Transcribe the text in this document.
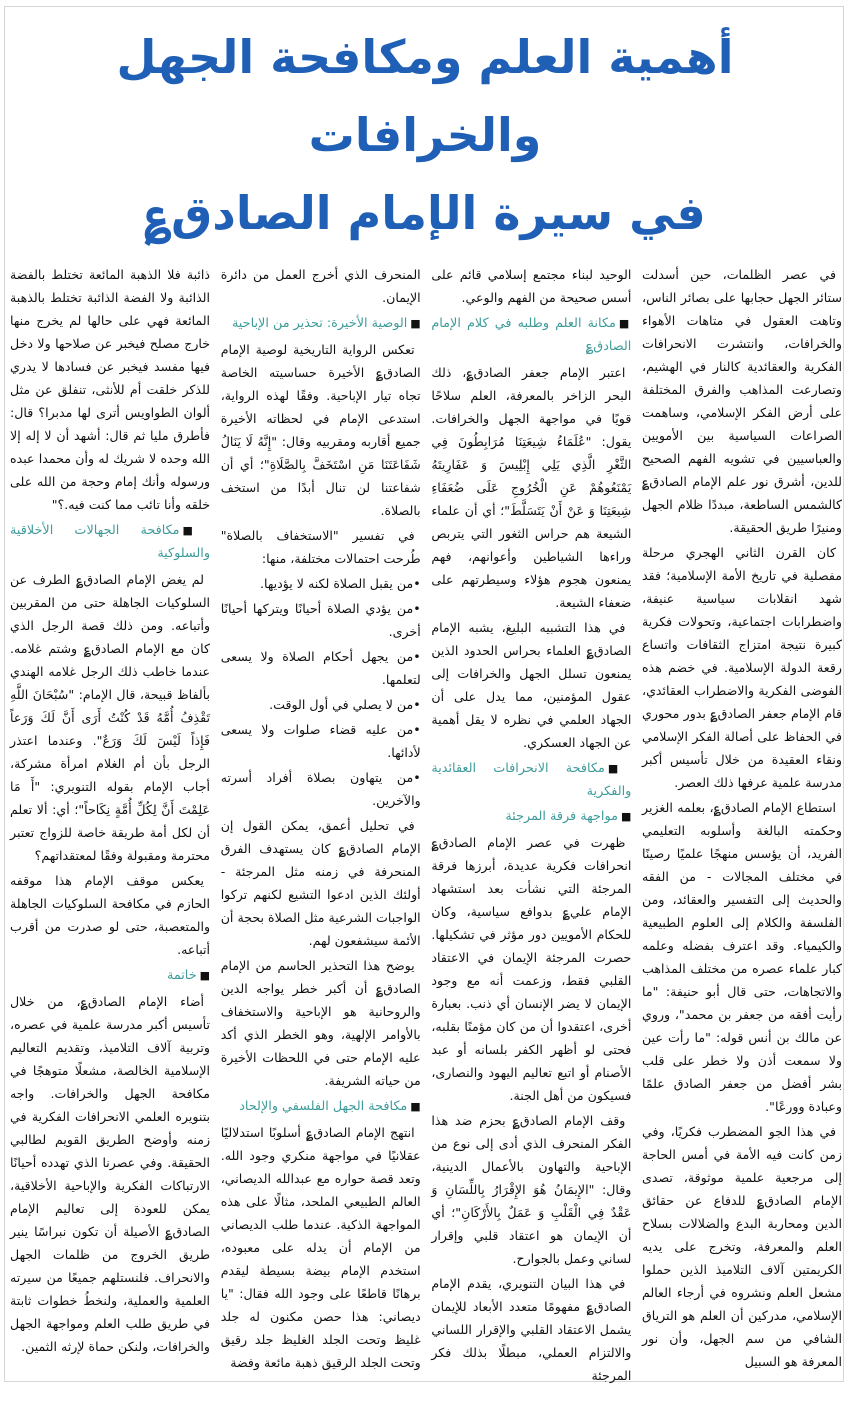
أهمية العلم ومكافحة الجهل والخرافات
في سيرة الإمام الصادق؏

في عصر الظلمات، حين أسدلت ستائر الجهل حجابها على بصائر الناس، وتاهت العقول في متاهات الأهواء والخرافات، وانتشرت الانحرافات الفكرية والعقائدية كالنار في الهشيم، وتصارعت المذاهب والفرق المختلفة على أرض الفكر الإسلامي، وساهمت الصراعات السياسية بين الأمويين والعباسيين في تشويه الفهم الصحيح للدين، أشرق نور علم الإمام الصادق؏ كالشمس الساطعة، مبددًا ظلام الجهل ومنيرًا طريق الحقيقة.

كان القرن الثاني الهجري مرحلة مفصلية في تاريخ الأمة الإسلامية؛ فقد شهد انقلابات سياسية عنيفة، واضطرابات اجتماعية، وتحولات فكرية كبيرة نتيجة امتزاج الثقافات واتساع رقعة الدولة الإسلامية. في خضم هذه الفوضى الفكرية والاضطراب العقائدي، قام الإمام جعفر الصادق؏ بدور محوري في الحفاظ على أصالة الفكر الإسلامي ونقاء العقيدة من خلال تأسيس أكبر مدرسة علمية عرفها ذلك العصر.

استطاع الإمام الصادق؏، بعلمه الغزير وحكمته البالغة وأسلوبه التعليمي الفريد، أن يؤسس منهجًا علميًا رصينًا في مختلف المجالات - من الفقه والحديث إلى التفسير والعقائد، ومن الفلسفة والكلام إلى العلوم الطبيعية والكيمياء. وقد اعترف بفضله وعلمه كبار علماء عصره من مختلف المذاهب والاتجاهات، حتى قال أبو حنيفة: "ما رأيت أفقه من جعفر بن محمد"، وروي عن مالك بن أنس قوله: "ما رأت عين ولا سمعت أذن ولا خطر على قلب بشر أفضل من جعفر الصادق علمًا وعبادة وورعًا".

في هذا الجو المضطرب فكريًا، وفي زمن كانت فيه الأمة في أمس الحاجة إلى مرجعية علمية موثوقة، تصدى الإمام الصادق؏ للدفاع عن حقائق الدين ومحاربة البدع والضلالات بسلاح العلم والمعرفة، وتخرج على يديه الكريمتين آلاف التلاميذ الذين حملوا مشعل العلم ونشروه في أرجاء العالم الإسلامي، مدركين أن العلم هو الترياق الشافي من سم الجهل، وأن نور المعرفة هو السبيل

الوحيد لبناء مجتمع إسلامي قائم على أسس صحيحة من الفهم والوعي.

■مكانة العلم وطلبه في كلام الإمام الصادق؏

اعتبر الإمام جعفر الصادق؏، ذلك البحر الزاخر بالمعرفة، العلم سلاحًا قويًا في مواجهة الجهل والخرافات. يقول: "عُلَمَاءُ شِيعَتِنَا مُرَابِطُونَ فِي الثَّغْرِ الَّذِي يَلِي إِبْلِيسَ وَ عَفَارِيتَهُ يَمْنَعُوهُمْ عَنِ الْخُرُوجِ عَلَى ضُعَفَاءِ شِيعَتِنَا وَ عَنْ أَنْ يَتَسَلَّطَ"؛ أي أن علماء الشيعة هم حراس الثغور التي يتربص وراءها الشياطين وأعوانهم، فهم يمنعون هجوم هؤلاء وسيطرتهم على ضعفاء الشيعة.

في هذا التشبيه البليغ، يشبه الإمام الصادق؏ العلماء بحراس الحدود الذين يمنعون تسلل الجهل والخرافات إلى عقول المؤمنين، مما يدل على أن الجهاد العلمي في نظره لا يقل أهمية عن الجهاد العسكري.

■مكافحة الانحرافات العقائدية والفكرية
■مواجهة فرقة المرجئة

ظهرت في عصر الإمام الصادق؏ انحرافات فكرية عديدة، أبرزها فرقة المرجئة التي نشأت بعد استشهاد الإمام علي؏ بدوافع سياسية، وكان للحكام الأمويين دور مؤثر في تشكيلها. حصرت المرجئة الإيمان في الاعتقاد القلبي فقط، وزعمت أنه مع وجود الإيمان لا يضر الإنسان أي ذنب. بعبارة أخرى، اعتقدوا أن من كان مؤمنًا بقلبه، فحتى لو أظهر الكفر بلسانه أو عبد الأصنام أو اتبع تعاليم اليهود والنصارى، فسيكون من أهل الجنة.

وقف الإمام الصادق؏ بحزم ضد هذا الفكر المنحرف الذي أدى إلى نوع من الإباحية والتهاون بالأعمال الدينية، وقال: "الإِيمَانُ هُوَ الإِقْرَارُ بِاللِّسَانِ وَ عَقْدٌ فِي الْقَلْبِ وَ عَمَلٌ بِالأَرْكَانِ"؛ أي أن الإيمان هو اعتقاد قلبي وإقرار لساني وعمل بالجوارح.

في هذا البيان التنويري، يقدم الإمام الصادق؏ مفهومًا متعدد الأبعاد للإيمان يشمل الاعتقاد القلبي والإقرار اللساني والالتزام العملي، مبطلًا بذلك فكر المرجئة

المنحرف الذي أخرج العمل من دائرة الإيمان.

■الوصية الأخيرة: تحذير من الإباحية

تعكس الرواية التاريخية لوصية الإمام الصادق؏ الأخيرة حساسيته الخاصة تجاه تيار الإباحية. وفقًا لهذه الرواية، استدعى الإمام في لحظاته الأخيرة جميع أقاربه ومقربيه وقال: "إِنَّهُ لَا يَنَالُ شَفَاعَتَنَا مَنِ اسْتَخَفَّ بِالصَّلَاةِ"؛ أي أن شفاعتنا لن تنال أبدًا من استخف بالصلاة.

في تفسير "الاستخفاف بالصلاة" طُرحت احتمالات مختلفة، منها:

•من يقبل الصلاة لكنه لا يؤديها.

•من يؤدي الصلاة أحيانًا ويتركها أحيانًا أخرى.

•من يجهل أحكام الصلاة ولا يسعى لتعلمها.

•من لا يصلي في أول الوقت.

•من عليه قضاء صلوات ولا يسعى لأدائها.

•من يتهاون بصلاة أفراد أسرته والآخرين.

في تحليل أعمق، يمكن القول إن الإمام الصادق؏ كان يستهدف الفرق المنحرفة في زمنه مثل المرجئة - أولئك الذين ادعوا التشيع لكنهم تركوا الواجبات الشرعية مثل الصلاة بحجة أن الأئمة سيشفعون لهم.

يوضح هذا التحذير الحاسم من الإمام الصادق؏ أن أكبر خطر يواجه الدين والروحانية هو الإباحية والاستخفاف بالأوامر الإلهية، وهو الخطر الذي أكد عليه الإمام حتى في اللحظات الأخيرة من حياته الشريفة.

■مكافحة الجهل الفلسفي والإلحاد

انتهج الإمام الصادق؏ أسلوبًا استدلاليًا عقلانيًا في مواجهة منكري وجود الله. وتعد قصة حواره مع عبدالله الديصاني، العالم الطبيعي الملحد، مثالًا على هذه المواجهة الذكية. عندما طلب الديصاني من الإمام أن يدله على معبوده، استخدم الإمام بيضة بسيطة ليقدم برهانًا قاطعًا على وجود الله فقال: "يا ديصاني: هذا حصن مكنون له جلد غليظ وتحت الجلد الغليظ جلد رقيق وتحت الجلد الرقيق ذهبة مائعة وفضة

ذائبة فلا الذهبة المائعة تختلط بالفضة الذائبة ولا الفضة الذائبة تختلط بالذهبة المائعة فهي على حالها لم يخرج منها خارج مصلح فيخبر عن صلاحها ولا دخل فيها مفسد فيخبر عن فسادها لا يدري للذكر خلقت أم للأنثى، تنفلق عن مثل ألوان الطواويس أترى لها مدبرا؟ قال: فأطرق مليا ثم قال: أشهد أن لا إله إلا الله وحده لا شريك له وأن محمدا عبده ورسوله وأنك إمام وحجة من الله على خلقه وأنا تائب مما كنت فيه.؟"

■مكافحة الجهالات الأخلاقية والسلوكية

لم يغض الإمام الصادق؏ الطرف عن السلوكيات الجاهلة حتى من المقربين وأتباعه. ومن ذلك قصة الرجل الذي كان مع الإمام الصادق؏ وشتم غلامه. عندما خاطب ذلك الرجل غلامه الهندي بألفاظ قبيحة، قال الإمام: "سُبْحَانَ اللَّهِ تَقْذِفُ أُمَّهُ قَدْ كُنْتُ أَرَى أَنَّ لَكَ وَرَعاً فَإِذاً لَيْسَ لَكَ وَرَعٌ". وعندما اعتذر الرجل بأن أم الغلام امرأة مشركة، أجاب الإمام بقوله التنويري: "أَ مَا عَلِمْتَ أَنَّ لِكُلِّ أُمَّةٍ نِكَاحاً"؛ أي: ألا تعلم أن لكل أمة طريقة خاصة للزواج تعتبر محترمة ومقبولة وفقًا لمعتقداتهم؟

يعكس موقف الإمام هذا موقفه الحازم في مكافحة السلوكيات الجاهلة والمتعصبة، حتى لو صدرت من أقرب أتباعه.

■خاتمة

أضاء الإمام الصادق؏، من خلال تأسيس أكبر مدرسة علمية في عصره، وتربية آلاف التلاميذ، وتقديم التعاليم الإسلامية الخالصة، مشعلًا متوهجًا في مكافحة الجهل والخرافات. واجه بتنويره العلمي الانحرافات الفكرية في زمنه وأوضح الطريق القويم لطالبي الحقيقة. وفي عصرنا الذي تهدده أحيانًا الارتباكات الفكرية والإباحية الأخلاقية، يمكن للعودة إلى تعاليم الإمام الصادق؏ الأصيلة أن تكون نبراسًا ينير طريق الخروج من ظلمات الجهل والانحراف. فلنستلهم جميعًا من سيرته العلمية والعملية، ولنخطُ خطوات ثابتة في طريق طلب العلم ومواجهة الجهل والخرافات، ولنكن حماة لإرثه الثمين.
